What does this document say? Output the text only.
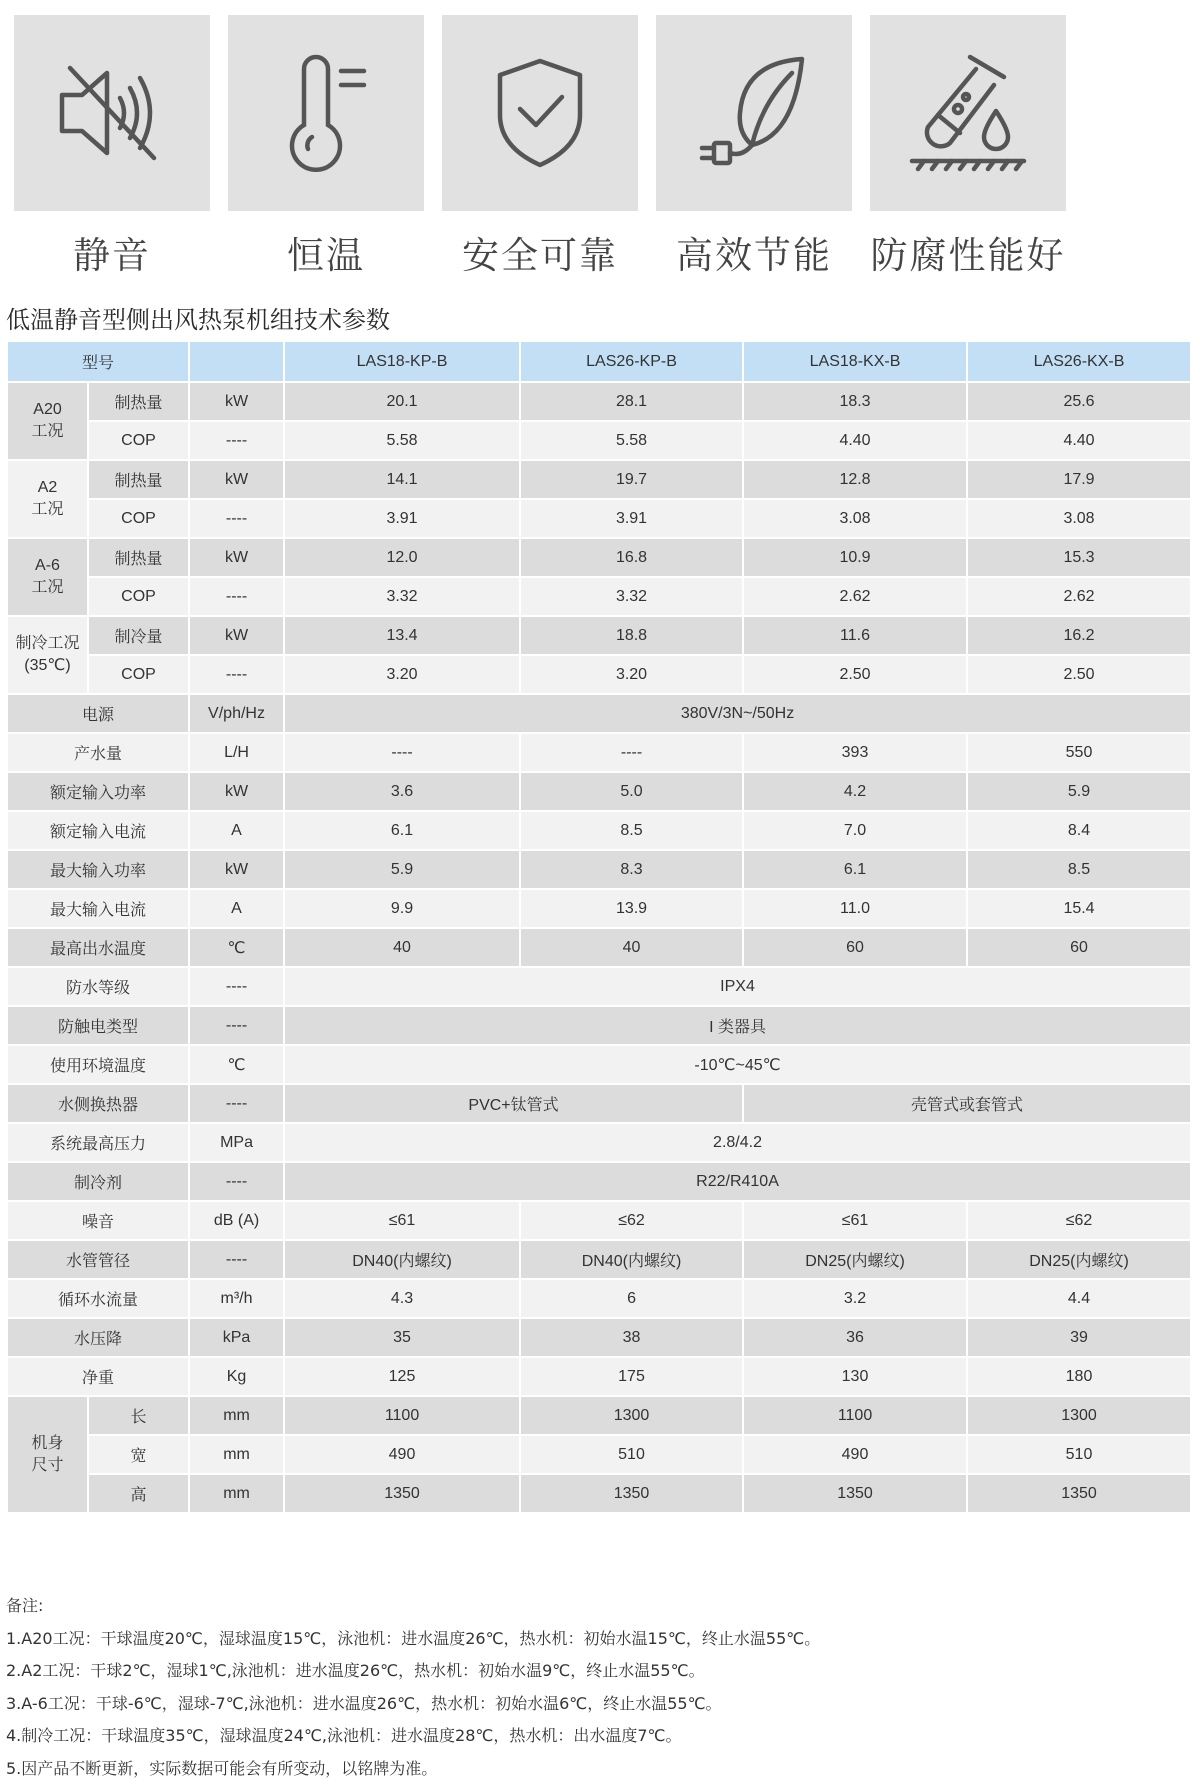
静音	恒温	安全可靠	高效节能	防腐性能好
低温静音型侧出风热泵机组技术参数
型号			LAS18-KP-B	LAS26-KP-B	LAS18-KX-B	LAS26-KX-B
A20
工况	制热量	kW	20.1	28.1	18.3	25.6
	COP	----	5.58	5.58	4.40	4.40
A2
工况	制热量	kW	14.1	19.7	12.8	17.9
	COP	----	3.91	3.91	3.08	3.08
A-6
工况	制热量	kW	12.0	16.8	10.9	15.3
	COP	----	3.32	3.32	2.62	2.62
制冷工况
(35℃)	制冷量	kW	13.4	18.8	11.6	16.2
	COP	----	3.20	3.20	2.50	2.50
电源		V/ph/Hz	380V/3N~/50Hz			
产水量		L/H	----	----	393	550
额定输入功率		kW	3.6	5.0	4.2	5.9
额定输入电流		A	6.1	8.5	7.0	8.4
最大输入功率		kW	5.9	8.3	6.1	8.5
最大输入电流		A	9.9	13.9	11.0	15.4
最高出水温度		℃	40	40	60	60
防水等级		----	IPX4			
防触电类型		----	I 类器具			
使用环境温度		℃	-10℃~45℃			
水侧换热器		----	PVC+钛管式		壳管式或套管式	
系统最高压力		MPa	2.8/4.2			
制冷剂		----	R22/R410A			
噪音		dB (A)	≤61	≤62	≤61	≤62
水管管径		----	DN40(内螺纹)	DN40(内螺纹)	DN25(内螺纹)	DN25(内螺纹)
循环水流量		m³/h	4.3	6	3.2	4.4
水压降		kPa	35	38	36	39
净重		Kg	125	175	130	180
机身
尺寸	长	mm	1100	1300	1100	1300
	宽	mm	490	510	490	510
	高	mm	1350	1350	1350	1350
备注:
1.A20工况：干球温度20℃，湿球温度15℃，泳池机：进水温度26℃，热水机：初始水温15℃，终止水温55℃。
2.A2工况：干球2℃，湿球1℃,泳池机：进水温度26℃，热水机：初始水温9℃，终止水温55℃。
3.A-6工况：干球-6℃，湿球-7℃,泳池机：进水温度26℃，热水机：初始水温6℃，终止水温55℃。
4.制冷工况：干球温度35℃，湿球温度24℃,泳池机：进水温度28℃，热水机：出水温度7℃。
5.因产品不断更新，实际数据可能会有所变动，以铭牌为准。
